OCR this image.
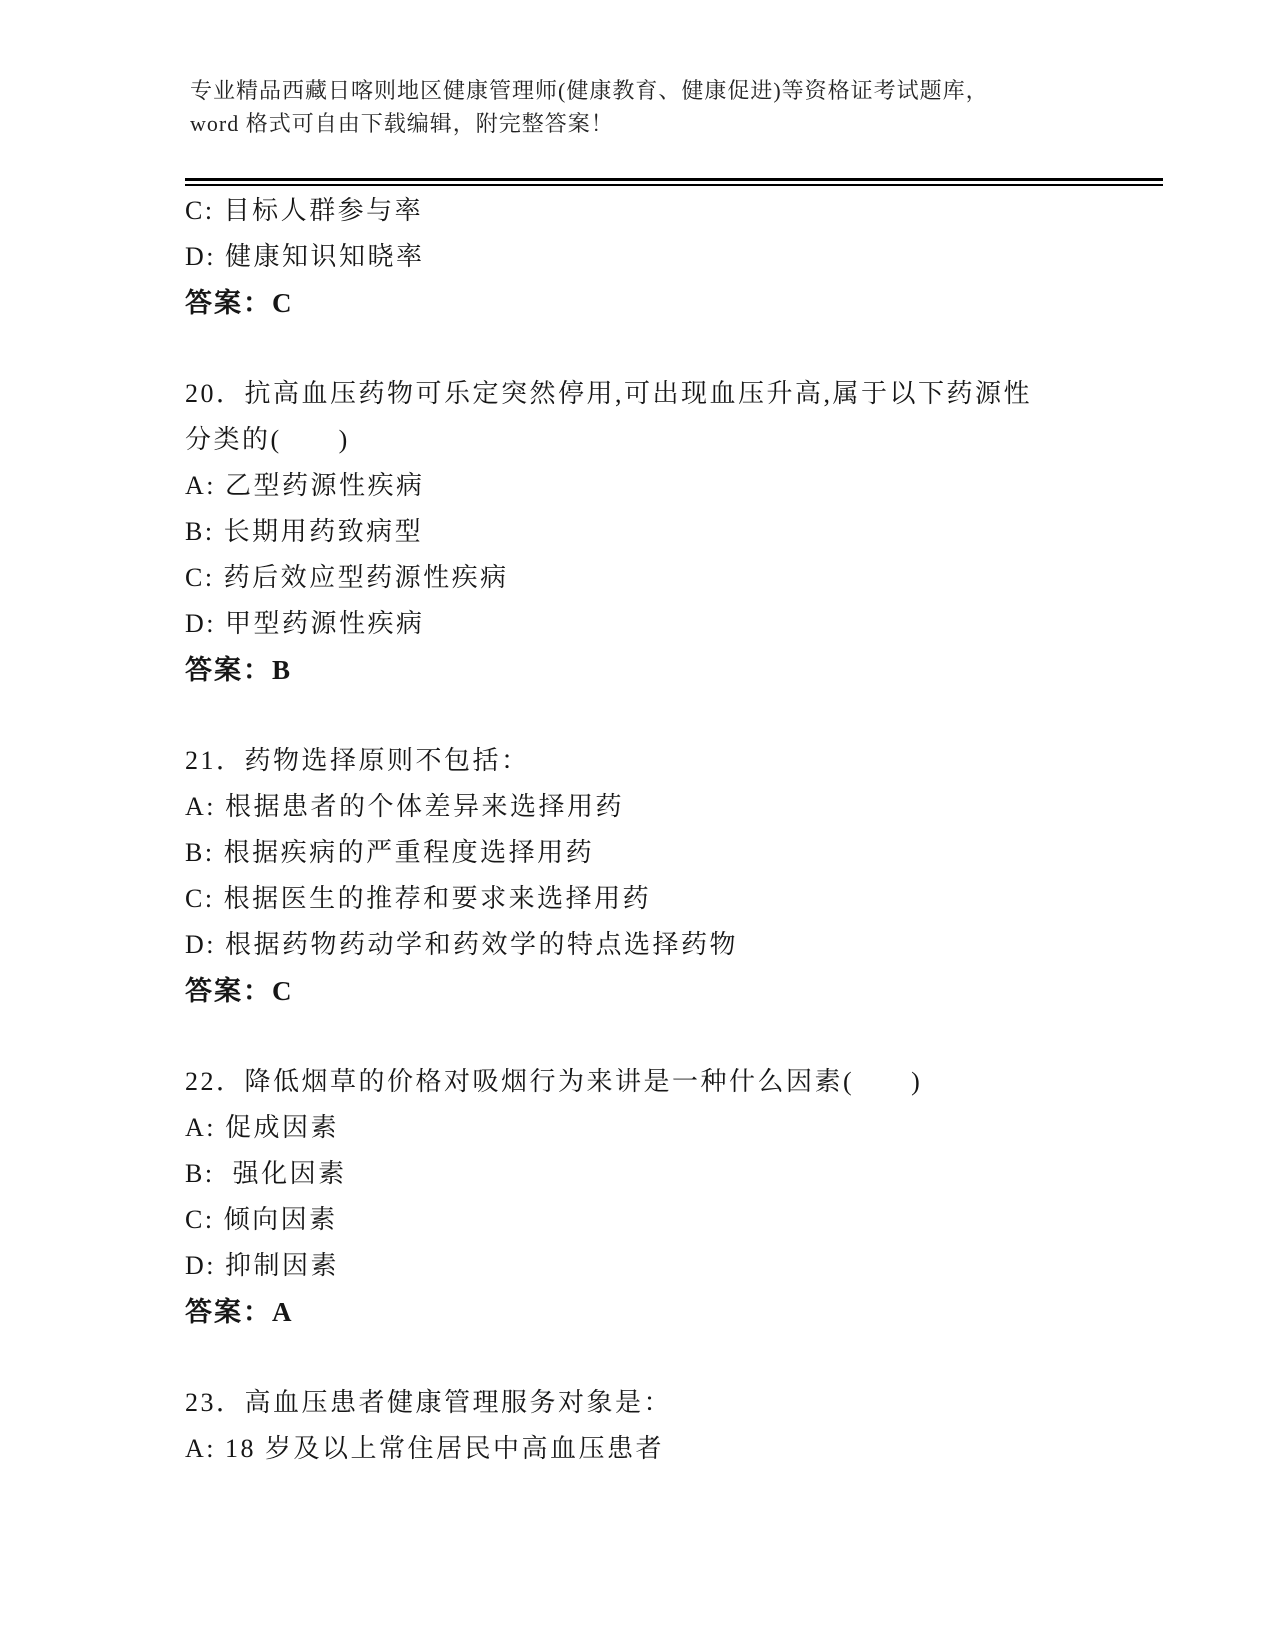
专业精品西藏日喀则地区健康管理师(健康教育、健康促进)等资格证考试题库，
word 格式可自由下载编辑，附完整答案！
C: 目标人群参与率
D: 健康知识知晓率
答案：C
20．抗高血压药物可乐定突然停用,可出现血压升高,属于以下药源性
分类的(　　)
A: 乙型药源性疾病
B: 长期用药致病型
C: 药后效应型药源性疾病
D: 甲型药源性疾病
答案：B
21．药物选择原则不包括：
A: 根据患者的个体差异来选择用药
B: 根据疾病的严重程度选择用药
C: 根据医生的推荐和要求来选择用药
D: 根据药物药动学和药效学的特点选择药物
答案：C
22．降低烟草的价格对吸烟行为来讲是一种什么因素(　　)
A: 促成因素
B:  强化因素
C: 倾向因素
D: 抑制因素
答案：A
23．高血压患者健康管理服务对象是：
A: 18 岁及以上常住居民中高血压患者
